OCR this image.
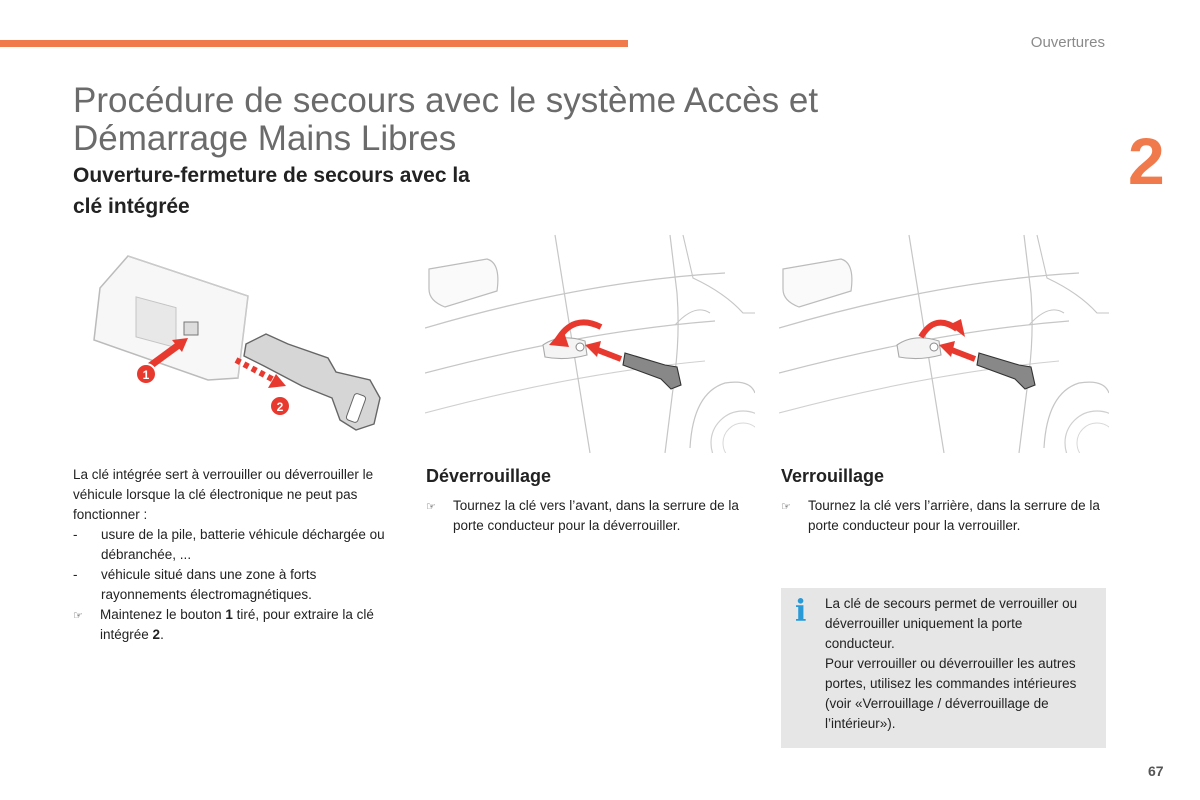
Ouvertures
2
Procédure de secours avec le système Accès et Démarrage Mains Libres
Ouverture-fermeture de secours avec la clé intégrée
1
2
La clé intégrée sert à verrouiller ou déverrouiller le véhicule lorsque la clé électronique ne peut pas fonctionner :
-	usure de la pile, batterie véhicule déchargée ou débranchée, ...
-	véhicule situé dans une zone à forts rayonnements électromagnétiques.
☞	Maintenez le bouton 1 tiré, pour extraire la clé intégrée 2.
Déverrouillage
☞	Tournez la clé vers l’avant, dans la serrure de la porte conducteur pour la déverrouiller.
Verrouillage
☞	Tournez la clé vers l’arrière, dans la serrure de la porte conducteur pour la verrouiller.
i La clé de secours permet de verrouiller ou déverrouiller uniquement la porte conducteur.
Pour verrouiller ou déverrouiller les autres portes, utilisez les commandes intérieures (voir «Verrouillage / déverrouillage de l’intérieur»).
67
